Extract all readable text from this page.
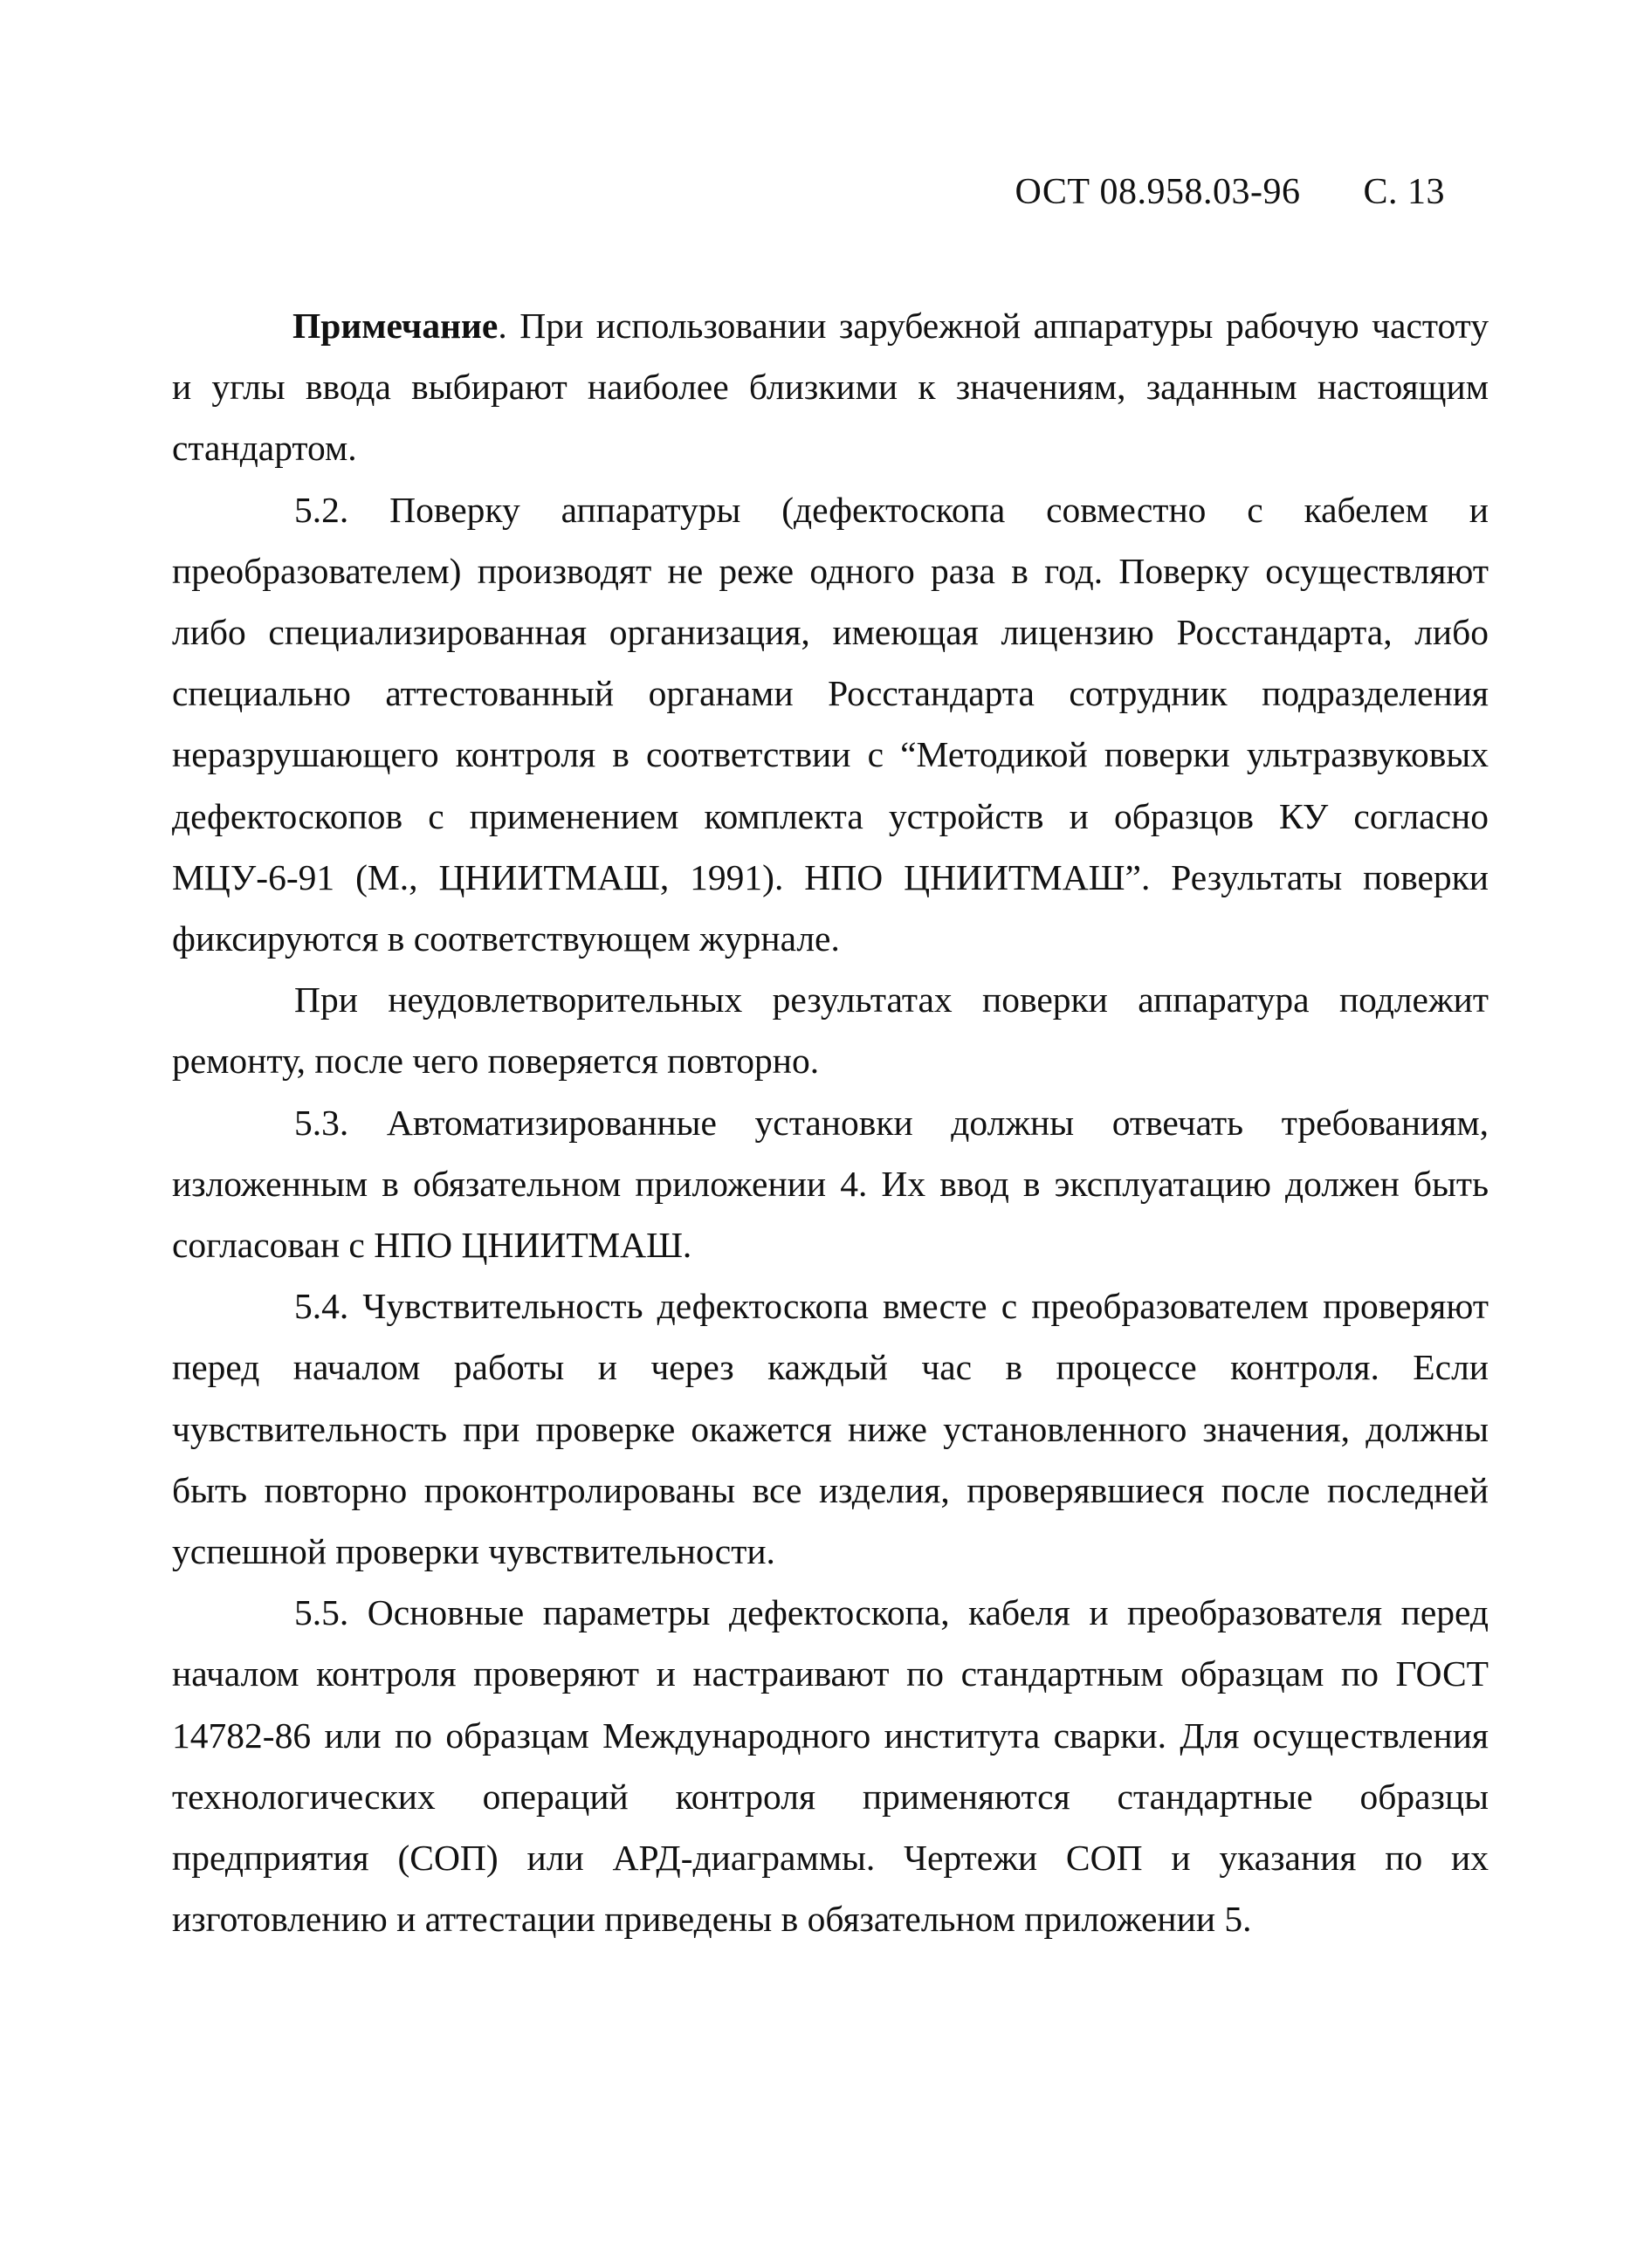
ОСТ 08.958.03-96 С. 13

Примечание. При использовании зарубежной аппаратуры рабочую частоту и углы ввода выбирают наиболее близкими к значениям, заданным настоящим стандартом.

5.2. Поверку аппаратуры (дефектоскопа совместно с кабелем и преобразователем) производят не реже одного раза в год. Поверку осуществляют либо специализированная организация, имеющая лицензию Росстандарта, либо специально аттестованный органами Росстандарта сотрудник подразделения неразрушающего контроля в соответствии с “Методикой поверки ультразвуковых дефектоскопов с применением комплекта устройств и образцов КУ согласно МЦУ-6-91 (М., ЦНИИТМАШ, 1991). НПО ЦНИИТМАШ”. Результаты поверки фиксируются в соответствующем журнале.

При неудовлетворительных результатах поверки аппаратура подлежит ремонту, после чего поверяется повторно.

5.3. Автоматизированные установки должны отвечать требованиям, изложенным в обязательном приложении 4. Их ввод в эксплуатацию должен быть согласован с НПО ЦНИИТМАШ.

5.4. Чувствительность дефектоскопа вместе с преобразователем проверяют перед началом работы и через каждый час в процессе контроля. Если чувствительность при проверке окажется ниже установленного значения, должны быть повторно проконтролированы все изделия, проверявшиеся после последней успешной проверки чувствительности.

5.5. Основные параметры дефектоскопа, кабеля и преобразователя перед началом контроля проверяют и настраивают по стандартным образцам по ГОСТ 14782-86 или по образцам Международного института сварки. Для осуществления технологических операций контроля применяются стандартные образцы предприятия (СОП) или АРД-диаграммы. Чертежи СОП и указания по их изготовлению и аттестации приведены в обязательном приложении 5.
